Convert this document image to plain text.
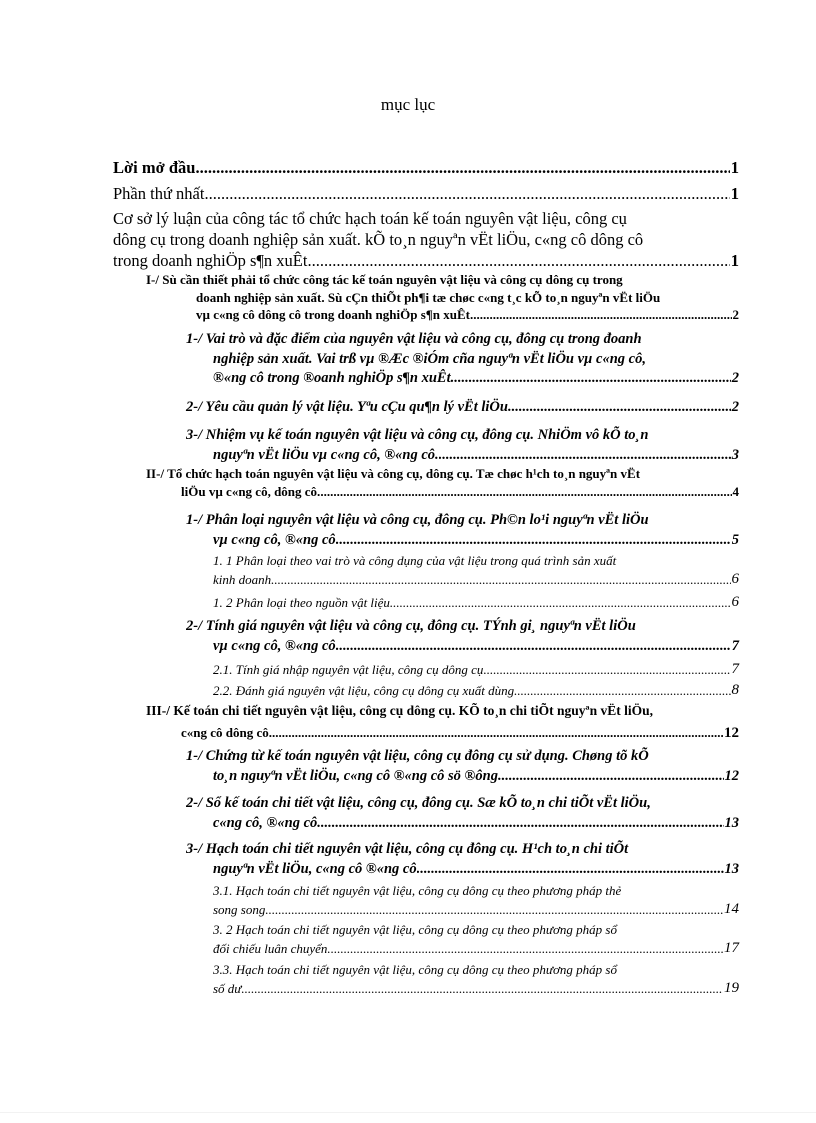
mục lục
Lời mở đầu .....	1
Phần thứ nhất .....	1
Cơ sở lý luận của công tác tổ chức hạch toán kế toán nguyên vật liệu, công cụ
dông cụ trong doanh nghiệp sản xuất. kÕ to¸n nguyªn vËt liÖu, c«ng cô dông cô
trong doanh nghiÖp s¶n xuÊt. .....	1
I-/ Sù cần thiết phải tổ chức công tác kế toán nguyên vật liệu và công cụ dông cụ trong
doanh nghiệp sản xuất. Sù cÇn thiÕt ph¶i tæ chøc c«ng t¸c kÕ to¸n nguyªn vËt liÖu
vµ c«ng cô dông cô trong doanh nghiÖp s¶n xuÊt. .....	2
1-/ Vai trò và đặc điểm của nguyên vật liệu và công cụ, đông cụ trong đoanh
nghiệp sản xuất. Vai trß vµ ®Æc ®iÓm cña nguyªn vËt liÖu vµ c«ng cô,
®«ng cô trong ®oanh nghiÖp s¶n xuÊt. .....	2
2-/ Yêu cầu quản lý vật liệu. Yªu cÇu qu¶n lý vËt liÖu .....	2
3-/ Nhiệm vụ kế toán nguyên vật liệu và công cụ, đông cụ. NhiÖm vô kÕ to¸n
nguyªn vËt liÖu vµ c«ng cô, ®«ng cô. .....	3
II-/ Tổ chức hạch toán nguyên vật liệu và công cụ, dông cụ. Tæ chøc h¹ch to¸n nguyªn vËt
liÖu vµ c«ng cô, dông cô. .....	4
1-/ Phân loại nguyên vật liệu và công cụ, đông cụ. Ph©n lo¹i nguyªn vËt liÖu
vµ c«ng cô, ®«ng cô .....	5
1. 1 Phân loại theo vai trò và công dụng của vật liệu trong quá trình sản xuất
kinh doanh .....	6
1. 2 Phân loại theo nguồn vật liệu. .....	6
2-/ Tính giá nguyên vật liệu và công cụ, đông cụ. TÝnh gi¸ nguyªn vËt liÖu
vµ c«ng cô, ®«ng cô .....	7
2.1. Tính giá nhập nguyên vật liệu, công cụ dông cụ .....	7
2.2. Đánh giá nguyên vật liệu, công cụ dông cụ xuất dùng. .....	8
III-/ Kế toán chi tiết nguyên vật liệu, công cụ dông cụ. KÕ to¸n chi tiÕt nguyªn vËt liÖu,
c«ng cô dông cô. .....	12
1-/ Chứng từ kế toán nguyên vật liệu, công cụ đông cụ sử dụng. Chøng tõ kÕ
to¸n nguyªn vËt liÖu, c«ng cô ®«ng cô sö ®ông .....	12
2-/ Sổ kế toán chi tiết vật liệu, công cụ, đông cụ. Sæ kÕ to¸n chi tiÕt vËt liÖu,
c«ng cô, ®«ng cô. .....	13
3-/ Hạch toán chi tiết nguyên vật liệu, công cụ đông cụ. H¹ch to¸n chi tiÕt
nguyªn vËt liÖu, c«ng cô ®«ng cô .....	13
3.1. Hạch toán chi tiết nguyên vật liệu, công cụ dông cụ theo phương pháp thẻ
song song. .....	14
3. 2 Hạch toán chi tiết nguyên vật liệu, công cụ dông cụ theo phương pháp sổ
đối chiếu luân chuyển. .....	17
3.3. Hạch toán chi tiết nguyên vật liệu, công cụ dông cụ theo phương pháp sổ
số dư. .....	19
